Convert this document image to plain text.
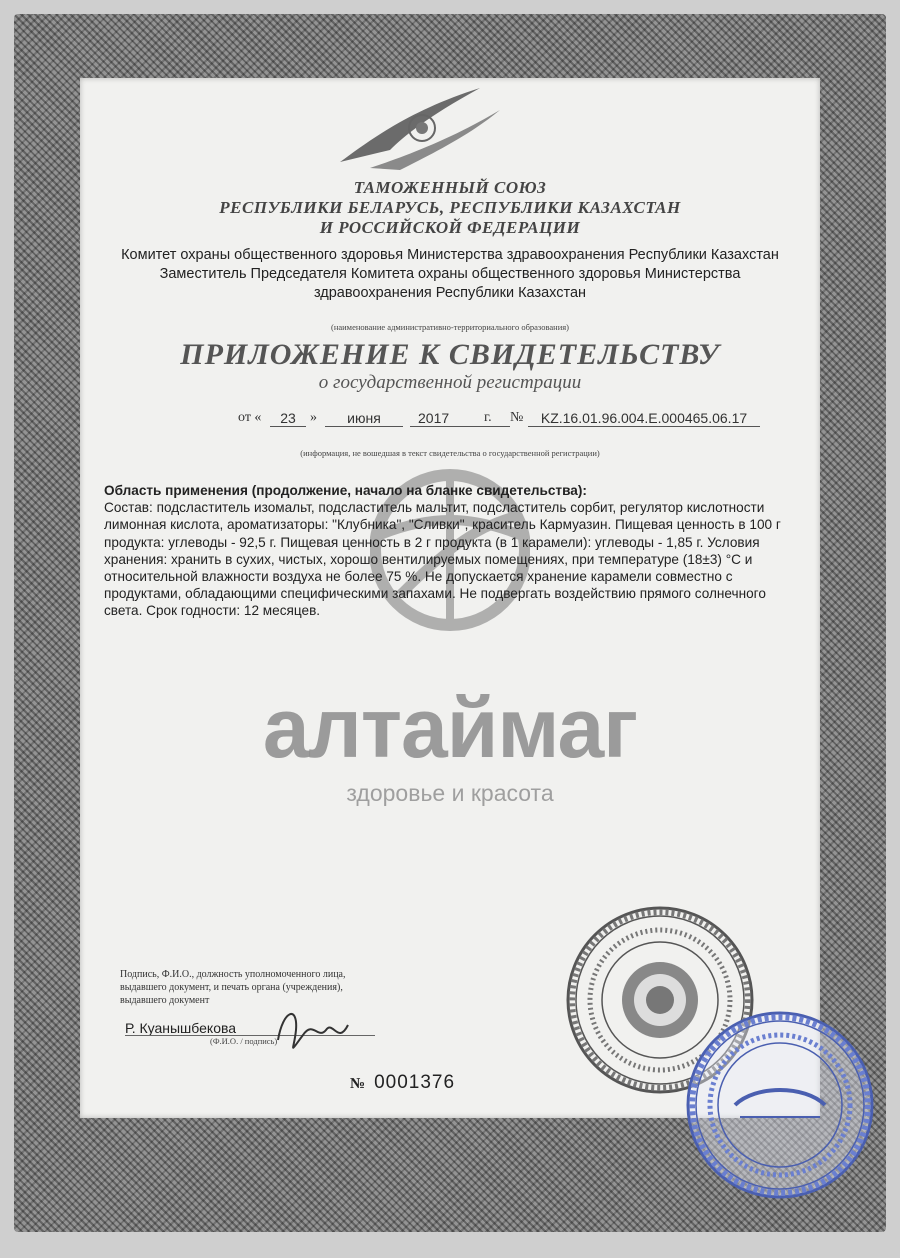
ТАМОЖЕННЫЙ СОЮЗ
РЕСПУБЛИКИ БЕЛАРУСЬ, РЕСПУБЛИКИ КАЗАХСТАН
И РОССИЙСКОЙ ФЕДЕРАЦИИ
Комитет охраны общественного здоровья Министерства здравоохранения Республики Казахстан
Заместитель Председателя Комитета охраны общественного здоровья Министерства
здравоохранения Республики Казахстан
(наименование административно-территориального образования)
ПРИЛОЖЕНИЕ К СВИДЕТЕЛЬСТВУ
о государственной регистрации
от «	23	»	июня	2017	г. №	KZ.16.01.96.004.E.000465.06.17
(информация, не вошедшая в текст свидетельства о государственной регистрации)
Область применения (продолжение, начало на бланке свидетельства):
Состав: подсластитель изомальт, подсластитель мальтит, подсластитель сорбит, регулятор кислотности лимонная кислота, ароматизаторы: "Клубника", "Сливки", краситель Кармуазин. Пищевая ценность в 100 г продукта: углеводы - 92,5 г. Пищевая ценность в 2 г продукта (в 1 карамели): углеводы - 1,85 г. Условия хранения: хранить в сухих, чистых, хорошо вентилируемых помещениях, при температуре (18±3) °С и относительной влажности воздуха не более 75 %. Не допускается хранение карамели совместно с продуктами, обладающими специфическими запахами. Не подвергать воздействию прямого солнечного света. Срок годности: 12 месяцев.
алтаймаг
здоровье и красота
Подпись, Ф.И.О., должность уполномоченного лица,
выдавшего документ, и печать органа (учреждения),
выдавшего документ
Р. Куанышбекова
(Ф.И.О. / подпись)
№ 0001376
